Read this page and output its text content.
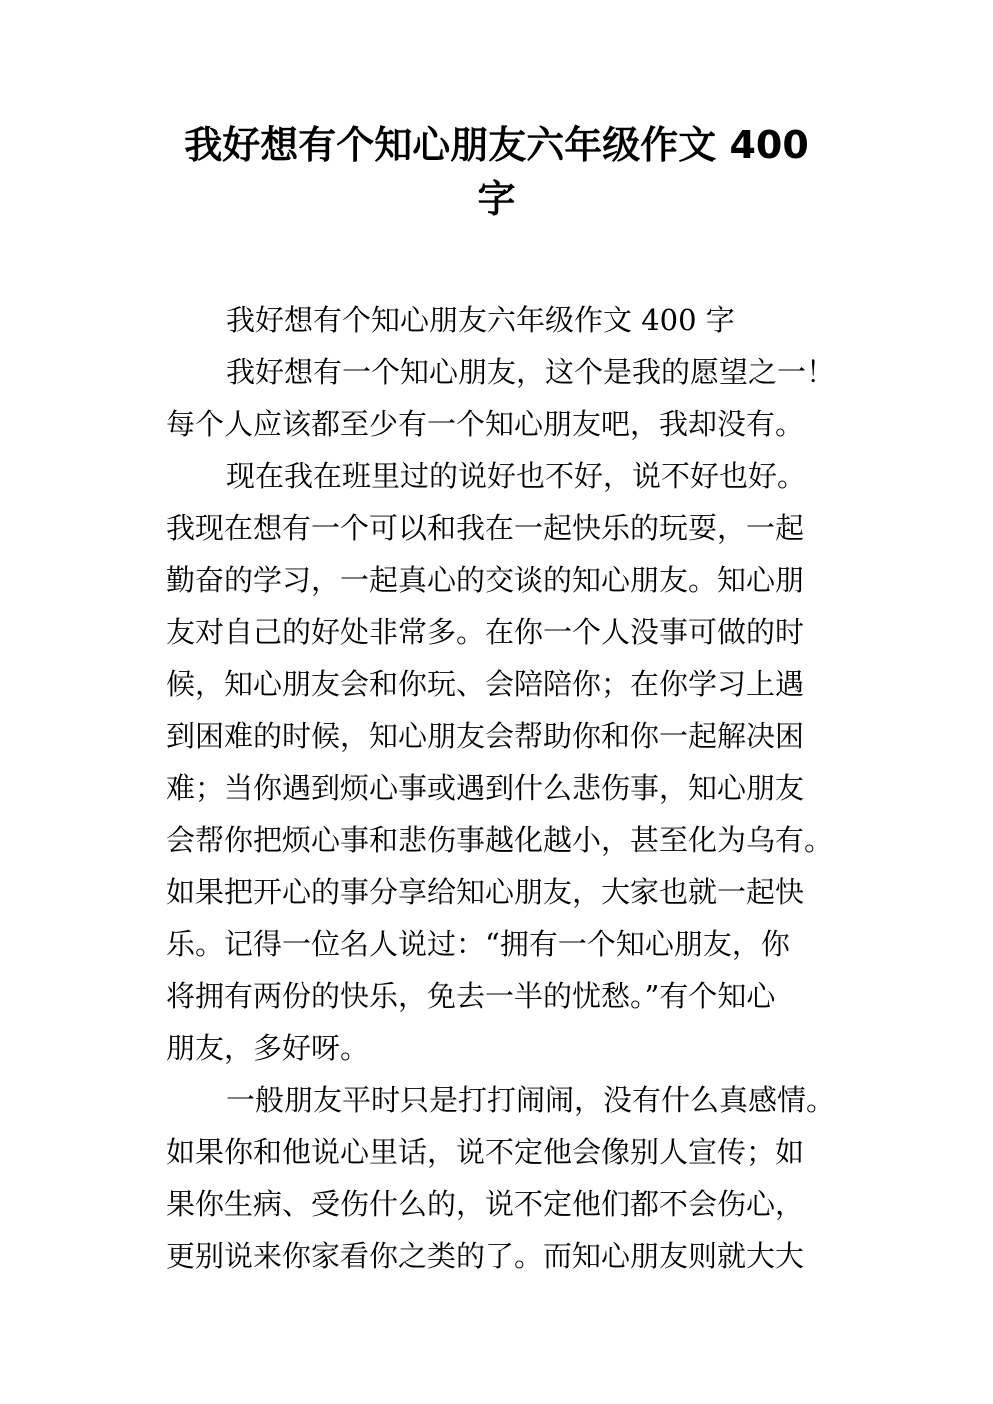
我好想有个知心朋友六年级作文 400
字
我好想有个知心朋友六年级作文 400 字
我好想有一个知心朋友，这个是我的愿望之一！
每个人应该都至少有一个知心朋友吧，我却没有。
现在我在班里过的说好也不好，说不好也好。
我现在想有一个可以和我在一起快乐的玩耍，一起
勤奋的学习，一起真心的交谈的知心朋友。知心朋
友对自己的好处非常多。在你一个人没事可做的时
候，知心朋友会和你玩、会陪陪你；在你学习上遇
到困难的时候，知心朋友会帮助你和你一起解决困
难；当你遇到烦心事或遇到什么悲伤事，知心朋友
会帮你把烦心事和悲伤事越化越小，甚至化为乌有。
如果把开心的事分享给知心朋友，大家也就一起快
乐。记得一位名人说过：“拥有一个知心朋友，你
将拥有两份的快乐，免去一半的忧愁。”有个知心
朋友，多好呀。
一般朋友平时只是打打闹闹，没有什么真感情。
如果你和他说心里话，说不定他会像别人宣传；如
果你生病、受伤什么的，说不定他们都不会伤心，
更别说来你家看你之类的了。而知心朋友则就大大
